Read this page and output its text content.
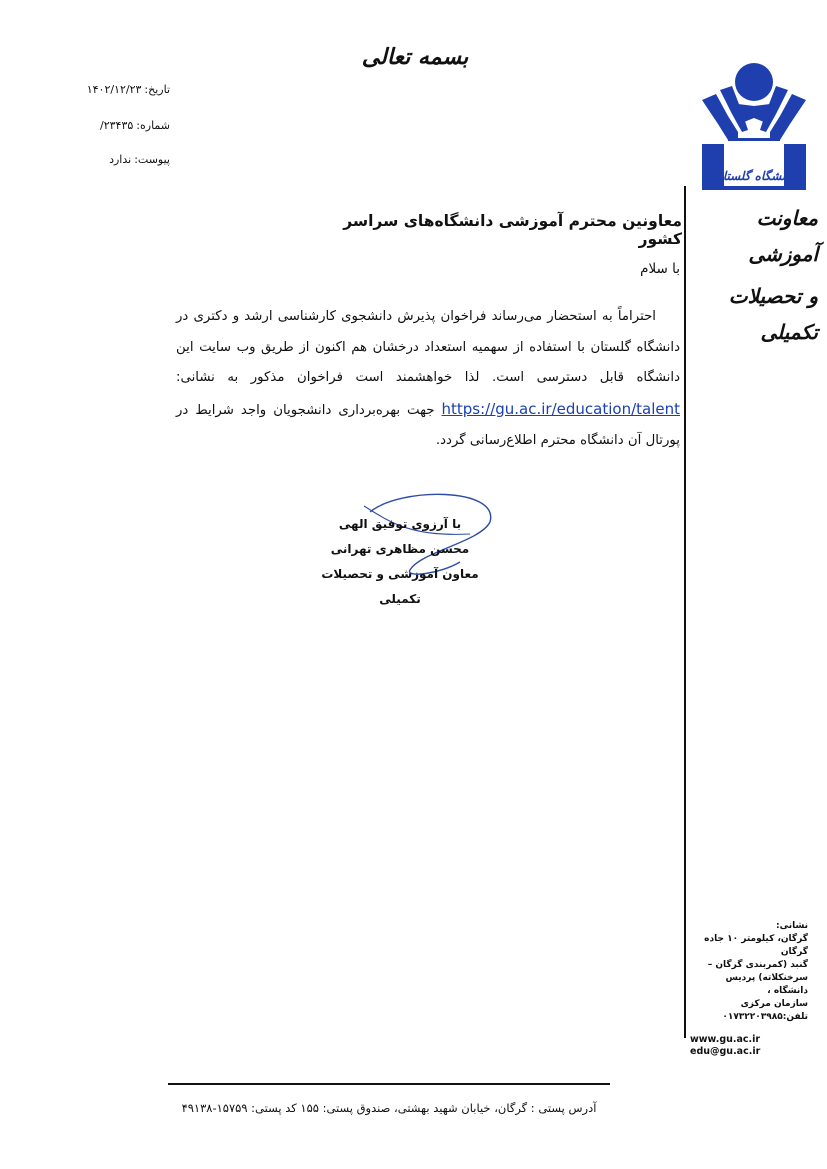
بسمه تعالی
تاریخ:۱۴۰۲/۱۲/۲۳
شماره:۲۳۴۳۵/
پیوست:ندارد
دانشگاه گلستان
معاونت آموزشی
و تحصیلات تکمیلی
معاونین محترم آموزشی دانشگاه‌های سراسر کشور
با سلام
احتراماً به استحضار می‌رساند فراخوان پذیرش دانشجوی کارشناسی ارشد و دکتری در دانشگاه گلستان با استفاده از سهمیه استعداد درخشان هم اکنون از طریق وب سایت این دانشگاه قابل دسترسی است. لذا خواهشمند است فراخوان مذکور به نشانی: https://gu.ac.ir/education/talent جهت بهره‌برداری دانشجویان واجد شرایط در پورتال آن دانشگاه محترم اطلاع‌رسانی گردد.
با آرزوی توفیق الهی
محسن مظاهری تهرانی
معاون آموزشی و تحصیلات تکمیلی
نشانی:
گرگان، کیلومتر ۱۰ جاده گرگان
گنبد (کمربندی گرگان –
سرخنکلاته) پردیس دانشگاه ،
سازمان مرکزی
تلفن:۰۱۷۳۲۲۰۳۹۸۵
www.gu.ac.ir
edu@gu.ac.ir
آدرس پستی : گرگان، خیابان شهید بهشتی، صندوق پستی: ۱۵۵ کد پستی: ۱۵۷۵۹-۴۹۱۳۸
